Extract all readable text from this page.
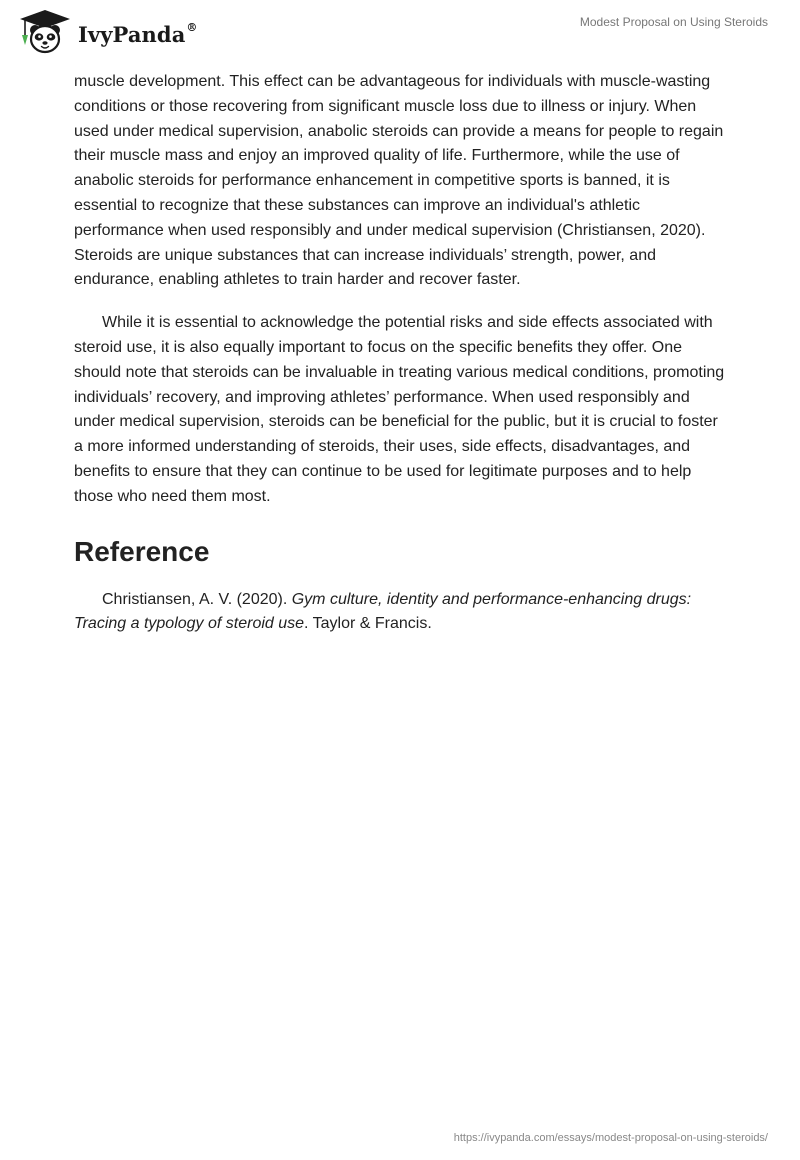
IvyPanda®	Modest Proposal on Using Steroids

muscle development. This effect can be advantageous for individuals with muscle-wasting conditions or those recovering from significant muscle loss due to illness or injury. When used under medical supervision, anabolic steroids can provide a means for people to regain their muscle mass and enjoy an improved quality of life. Furthermore, while the use of anabolic steroids for performance enhancement in competitive sports is banned, it is essential to recognize that these substances can improve an individual's athletic performance when used responsibly and under medical supervision (Christiansen, 2020). Steroids are unique substances that can increase individuals’ strength, power, and endurance, enabling athletes to train harder and recover faster.

While it is essential to acknowledge the potential risks and side effects associated with steroid use, it is also equally important to focus on the specific benefits they offer. One should note that steroids can be invaluable in treating various medical conditions, promoting individuals’ recovery, and improving athletes’ performance. When used responsibly and under medical supervision, steroids can be beneficial for the public, but it is crucial to foster a more informed understanding of steroids, their uses, side effects, disadvantages, and benefits to ensure that they can continue to be used for legitimate purposes and to help those who need them most.

Reference

Christiansen, A. V. (2020). Gym culture, identity and performance-enhancing drugs: Tracing a typology of steroid use. Taylor & Francis.

https://ivypanda.com/essays/modest-proposal-on-using-steroids/
